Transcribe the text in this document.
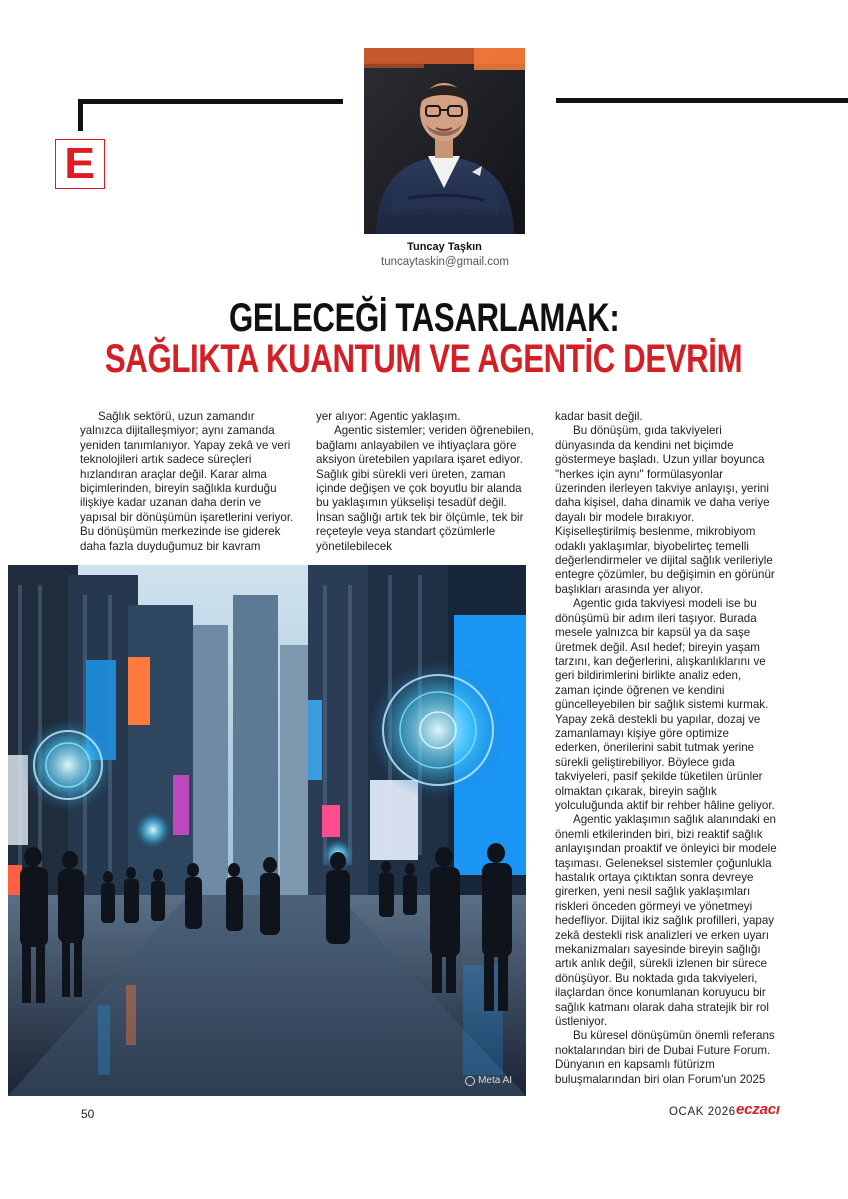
E
Tuncay Taşkın
tuncaytaskin@gmail.com
GELECEĞİ TASARLAMAK:
SAĞLIKTA KUANTUM VE AGENTİC DEVRİM

Sağlık sektörü, uzun zamandır yalnızca dijitalleşmiyor; aynı zamanda yeniden tanımlanıyor. Yapay zekâ ve veri teknolojileri artık sadece süreçleri hızlandıran araçlar değil. Karar alma biçimlerinden, bireyin sağlıkla kurduğu ilişkiye kadar uzanan daha derin ve yapısal bir dönüşümün işaretlerini veriyor. Bu dönüşümün merkezinde ise giderek daha fazla duyduğumuz bir kavram

yer alıyor: Agentic yaklaşım.

Agentic sistemler; veriden öğrenebilen, bağlamı anlayabilen ve ihtiyaçlara göre aksiyon üretebilen yapılara işaret ediyor. Sağlık gibi sürekli veri üreten, zaman içinde değişen ve çok boyutlu bir alanda bu yaklaşımın yükselişi tesadüf değil. İnsan sağlığı artık tek bir ölçümle, tek bir reçeteyle veya standart çözümlerle yönetilebilecek

kadar basit değil.

Bu dönüşüm, gıda takviyeleri dünyasında da kendini net biçimde göstermeye başladı. Uzun yıllar boyunca "herkes için aynı" formülasyonlar üzerinden ilerleyen takviye anlayışı, yerini daha kişisel, daha dinamik ve daha veriye dayalı bir modele bırakıyor. Kişiselleştirilmiş beslenme, mikrobiyom odaklı yaklaşımlar, biyobelirteç temelli değerlendirmeler ve dijital sağlık verileriyle entegre çözümler, bu değişimin en görünür başlıkları arasında yer alıyor.

Agentic gıda takviyesi modeli ise bu dönüşümü bir adım ileri taşıyor. Burada mesele yalnızca bir kapsül ya da saşe üretmek değil. Asıl hedef; bireyin yaşam tarzını, kan değerlerini, alışkanlıklarını ve geri bildirimlerini birlikte analiz eden, zaman içinde öğrenen ve kendini güncelleyebilen bir sağlık sistemi kurmak. Yapay zekâ destekli bu yapılar, dozaj ve zamanlamayı kişiye göre optimize ederken, önerilerini sabit tutmak yerine sürekli geliştirebiliyor. Böylece gıda takviyeleri, pasif şekilde tüketilen ürünler olmaktan çıkarak, bireyin sağlık yolculuğunda aktif bir rehber hâline geliyor.

Agentic yaklaşımın sağlık alanındaki en önemli etkilerinden biri, bizi reaktif sağlık anlayışından proaktif ve önleyici bir modele taşıması. Geleneksel sistemler çoğunlukla hastalık ortaya çıktıktan sonra devreye girerken, yeni nesil sağlık yaklaşımları riskleri önceden görmeyi ve yönetmeyi hedefliyor. Dijital ikiz sağlık profilleri, yapay zekâ destekli risk analizleri ve erken uyarı mekanizmaları sayesinde bireyin sağlığı artık anlık değil, sürekli izlenen bir sürece dönüşüyor. Bu noktada gıda takviyeleri, ilaçlardan önce konumlanan koruyucu bir sağlık katmanı olarak daha stratejik bir rol üstleniyor.

Bu küresel dönüşümün önemli referans noktalarından biri de Dubai Future Forum. Dünyanın en kapsamlı fütürizm buluşmalarından biri olan Forum'un 2025

Meta AI
50	OCAK 2026 eczacı
